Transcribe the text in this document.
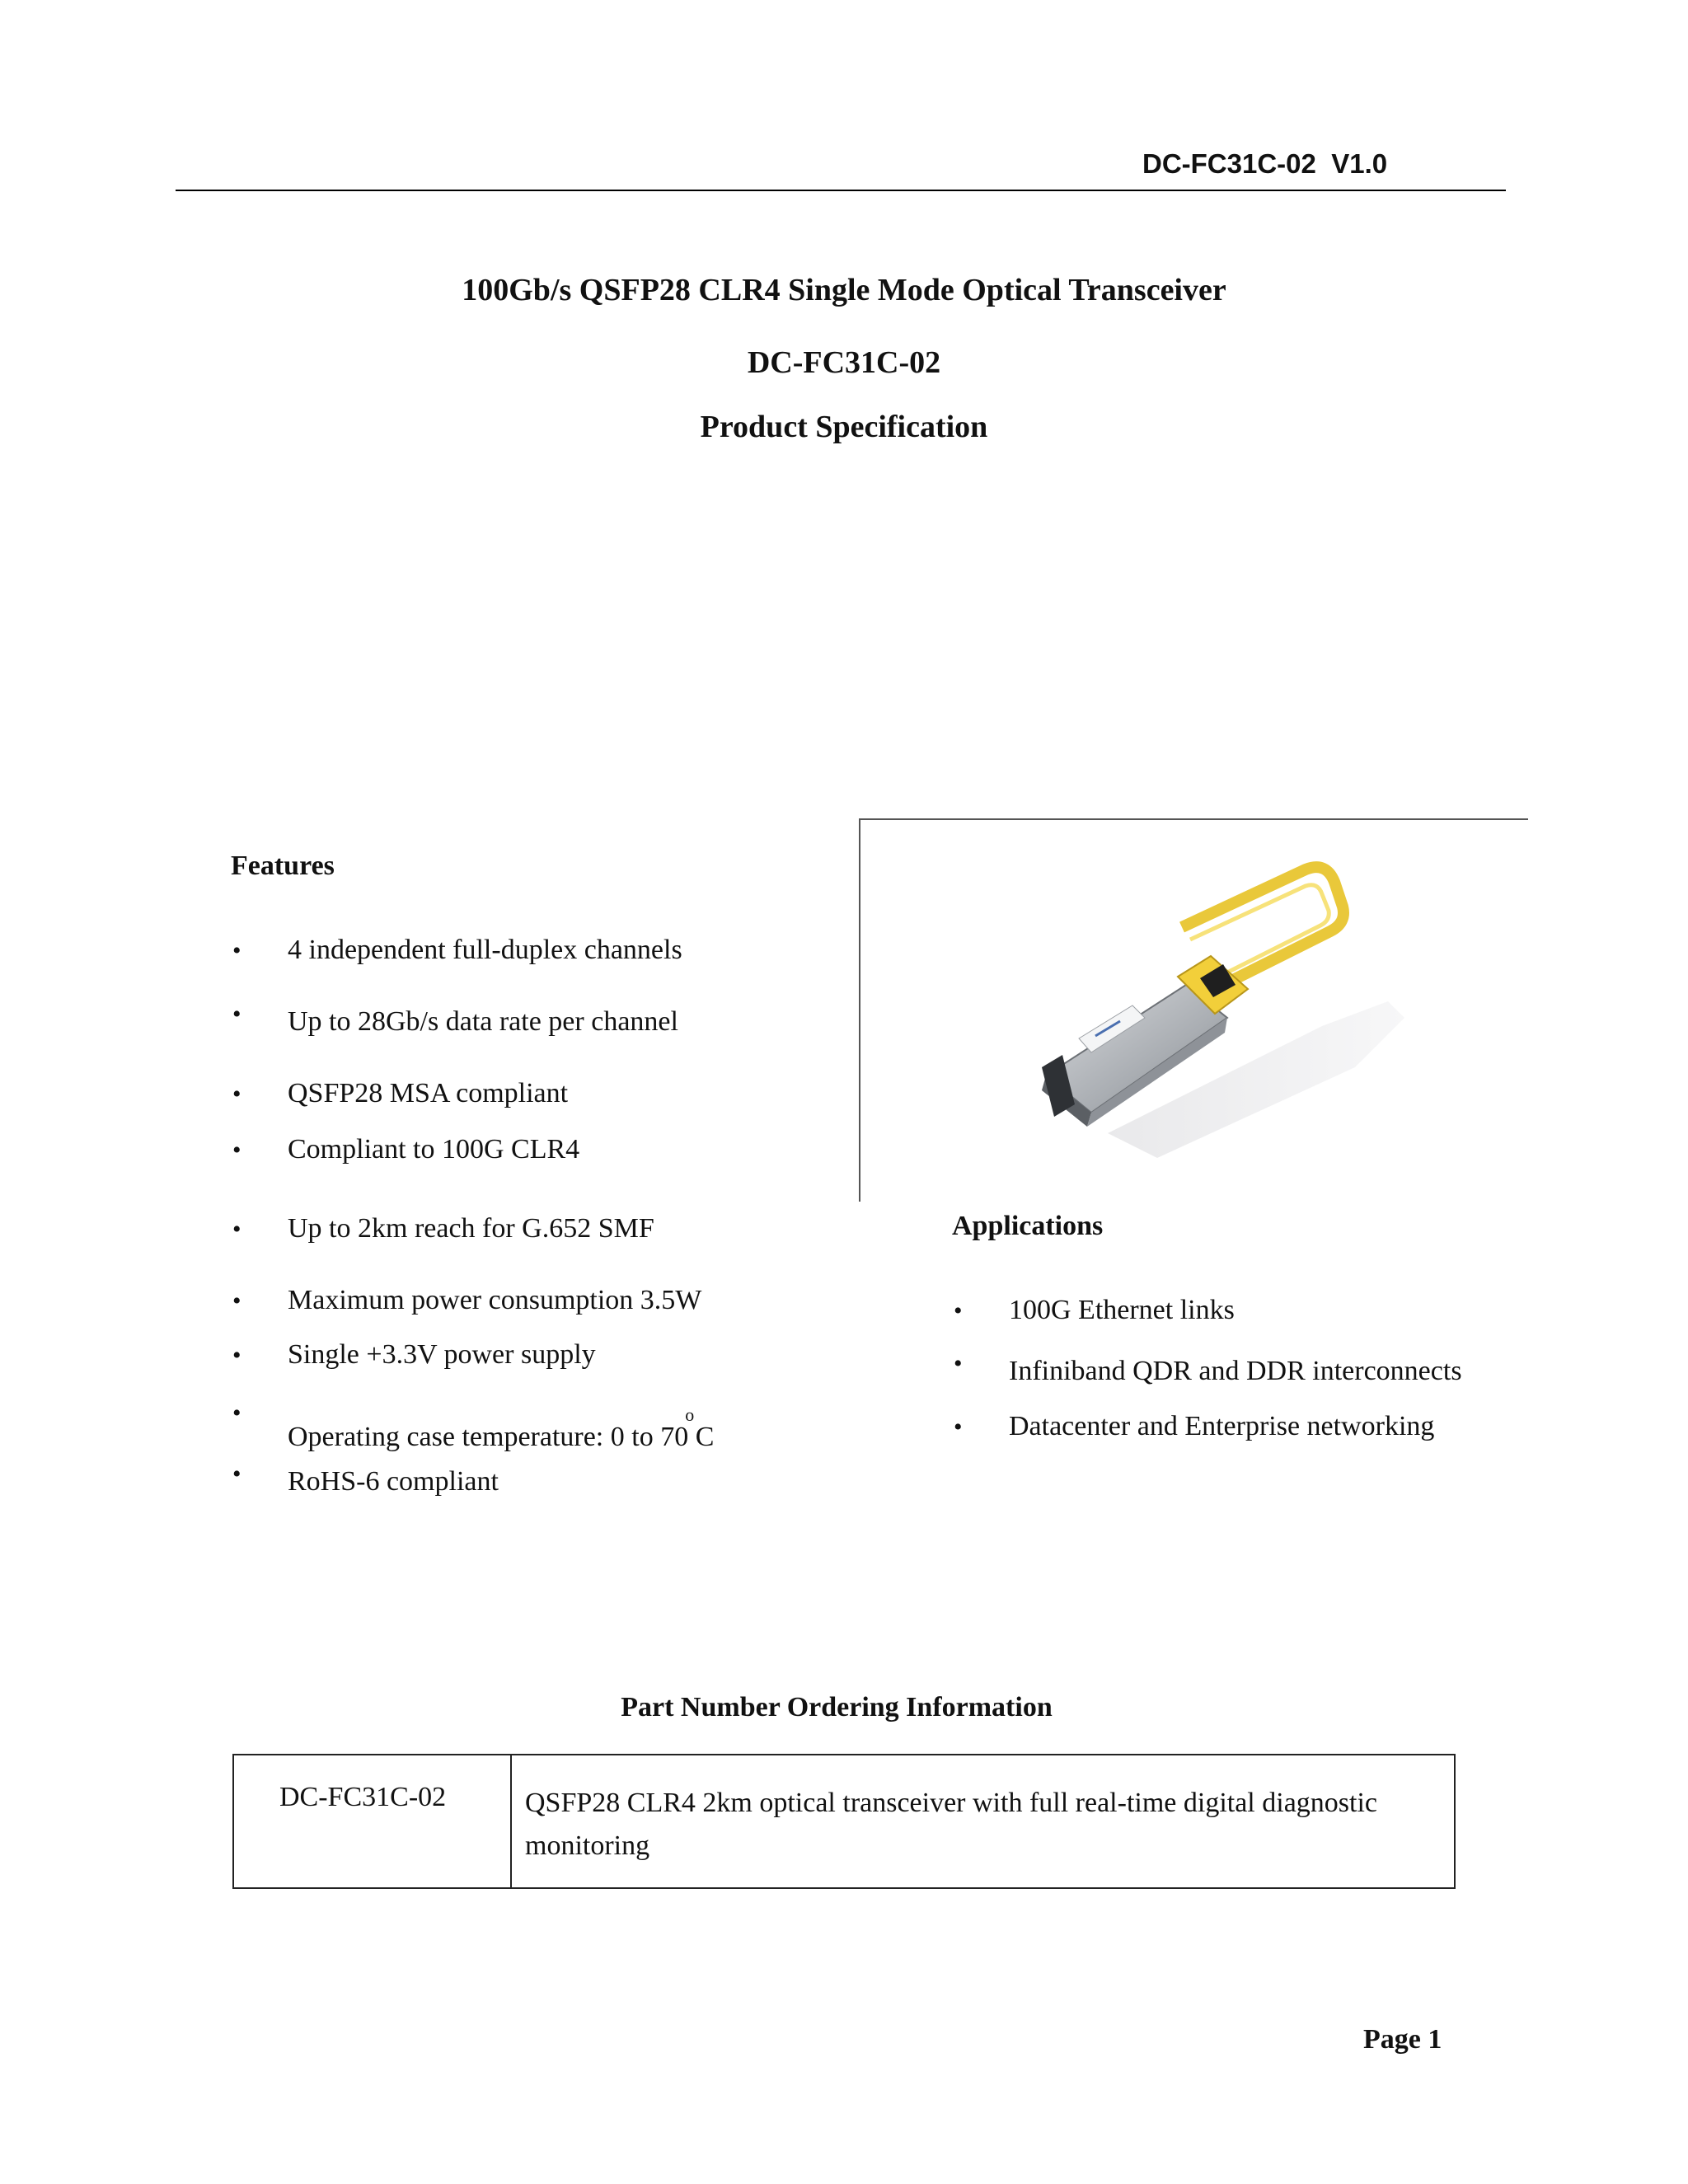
DC-FC31C-02  V1.0
100Gb/s QSFP28 CLR4 Single Mode Optical Transceiver
DC-FC31C-02
Product Specification
Features
• 4 independent full-duplex channels
• Up to 28Gb/s data rate per channel
• QSFP28 MSA compliant
• Compliant to 100G CLR4
• Up to 2km reach for G.652 SMF
• Maximum power consumption 3.5W
• Single +3.3V power supply
•
Operating case temperature: 0 to 70
o
C
• RoHS-6 compliant
Applications
• 100G Ethernet links
• Infiniband QDR and DDR interconnects
• Datacenter and Enterprise networking
Part Number Ordering Information
DC-FC31C-02	QSFP28 CLR4 2km optical transceiver with full real-time digital diagnostic monitoring
Page 1
